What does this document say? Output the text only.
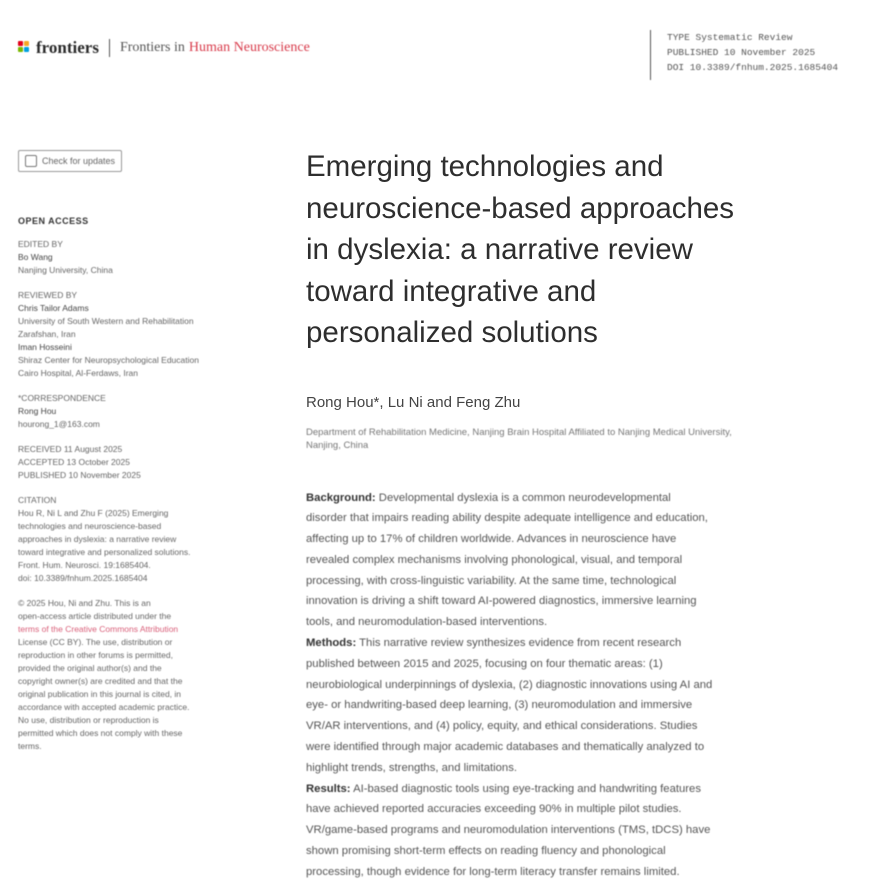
frontiers Frontiers in Human Neuroscience
TYPE Systematic Review
PUBLISHED 10 November 2025
DOI 10.3389/fnhum.2025.1685404
Check for updates
OPEN ACCESS
EDITED BY
Bo Wang
Nanjing University, China
REVIEWED BY
Chris Tailor Adams
University of South Western and Rehabilitation
Zarafshan, Iran
Iman Hosseini
Shiraz Center for Neuropsychological Education
Cairo Hospital, Al-Ferdaws, Iran
*CORRESPONDENCE
Rong Hou
hourong_1@163.com
RECEIVED 11 August 2025
ACCEPTED 13 October 2025
PUBLISHED 10 November 2025
CITATION
Hou R, Ni L and Zhu F (2025) Emerging
technologies and neuroscience-based
approaches in dyslexia: a narrative review
toward integrative and personalized solutions.
Front. Hum. Neurosci. 19:1685404.
doi: 10.3389/fnhum.2025.1685404
© 2025 Hou, Ni and Zhu. This is an
open-access article distributed under the
terms of the Creative Commons Attribution
License (CC BY). The use, distribution or
reproduction in other forums is permitted,
provided the original author(s) and the
copyright owner(s) are credited and that the
original publication in this journal is cited, in
accordance with accepted academic practice.
No use, distribution or reproduction is
permitted which does not comply with these
terms.
Emerging technologies and
neuroscience-based approaches
in dyslexia: a narrative review
toward integrative and
personalized solutions
Rong Hou*, Lu Ni and Feng Zhu
Department of Rehabilitation Medicine, Nanjing Brain Hospital Affiliated to Nanjing Medical University,
Nanjing, China
Background: Developmental dyslexia is a common neurodevelopmental
disorder that impairs reading ability despite adequate intelligence and education,
affecting up to 17% of children worldwide. Advances in neuroscience have
revealed complex mechanisms involving phonological, visual, and temporal
processing, with cross-linguistic variability. At the same time, technological
innovation is driving a shift toward AI-powered diagnostics, immersive learning
tools, and neuromodulation-based interventions.
Methods: This narrative review synthesizes evidence from recent research
published between 2015 and 2025, focusing on four thematic areas: (1)
neurobiological underpinnings of dyslexia, (2) diagnostic innovations using AI and
eye- or handwriting-based deep learning, (3) neuromodulation and immersive
VR/AR interventions, and (4) policy, equity, and ethical considerations. Studies
were identified through major academic databases and thematically analyzed to
highlight trends, strengths, and limitations.
Results: AI-based diagnostic tools using eye-tracking and handwriting features
have achieved reported accuracies exceeding 90% in multiple pilot studies.
VR/game-based programs and neuromodulation interventions (TMS, tDCS) have
shown promising short-term effects on reading fluency and phonological
processing, though evidence for long-term literacy transfer remains limited.
